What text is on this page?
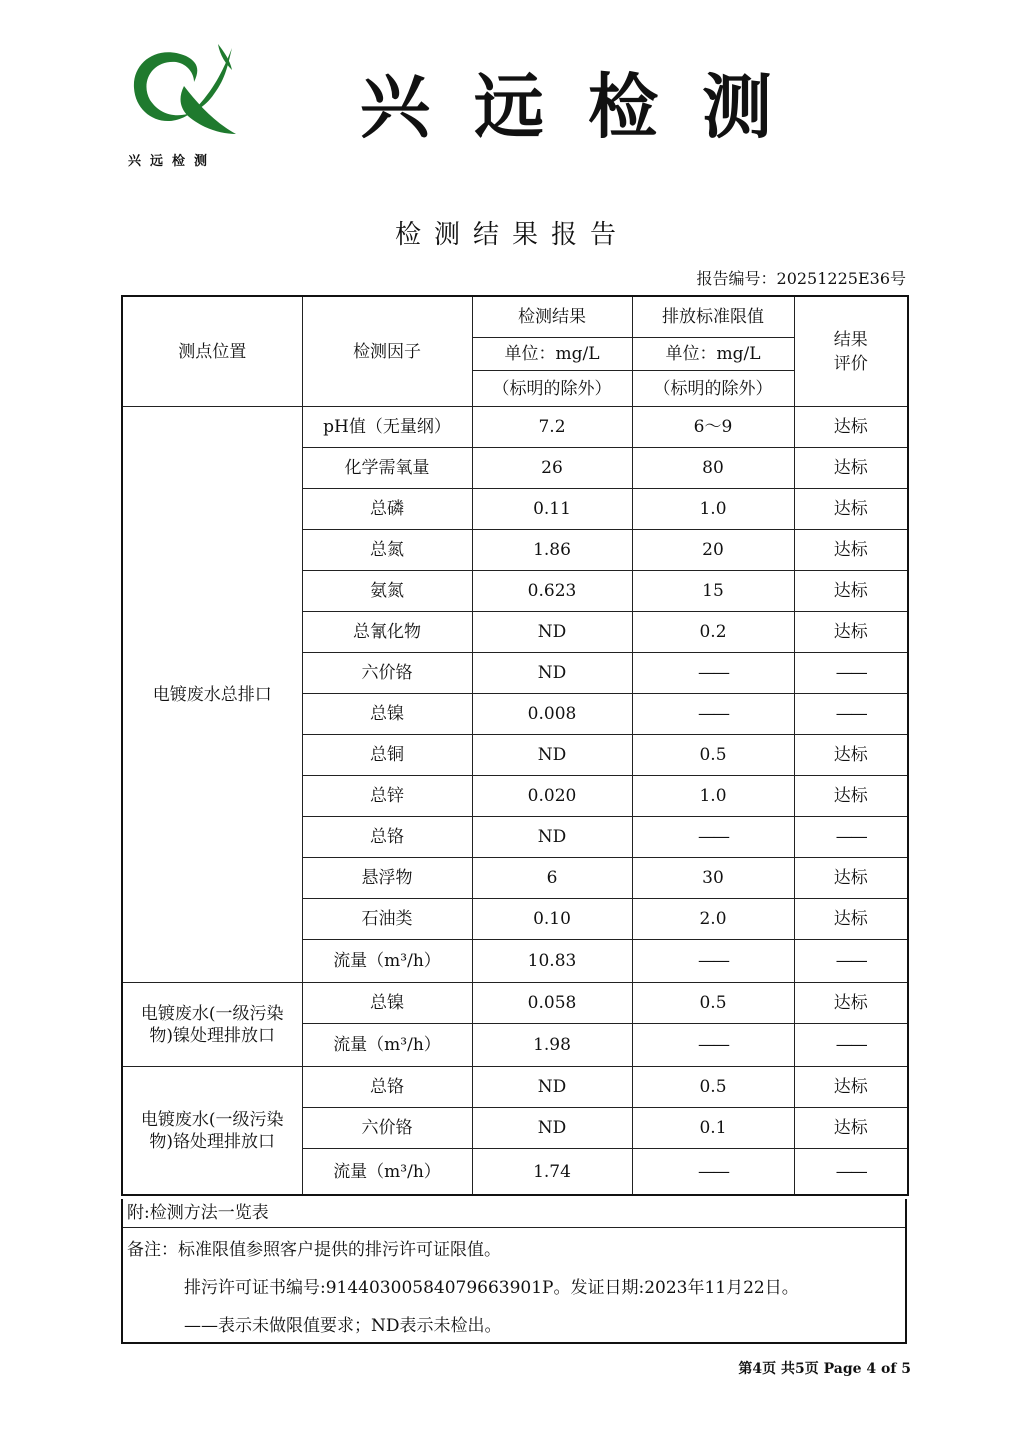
兴远检测
兴远检测
检测结果报告
报告编号：20251225E36号
测点位置	检测因子	检测结果	排放标准限值	结果评价

		单位：mg/L	单位：mg/L	
		（标明的除外）	（标明的除外）	
电镀废水总排口	pH值（无量纲）	7.2	6～9	达标
	化学需氧量	26	80	达标
	总磷	0.11	1.0	达标
	总氮	1.86	20	达标
	氨氮	0.623	15	达标
	总氰化物	ND	0.2	达标
	六价铬	ND	——	——
	总镍	0.008	——	——
	总铜	ND	0.5	达标
	总锌	0.020	1.0	达标
	总铬	ND	——	——
	悬浮物	6	30	达标
	石油类	0.10	2.0	达标
	流量（m³/h）	10.83	——	——

电镀废水(一级污染
物)镍处理排放口	总镍	0.058	0.5	达标
	流量（m³/h）	1.98	——	——

电镀废水(一级污染
物)铬处理排放口	总铬	ND	0.5	达标
	六价铬	ND	0.1	达标
	流量（m³/h）	1.74	——	——
附:检测方法一览表
备注：标准限值参照客户提供的排污许可证限值。
排污许可证书编号:91440300584079663901P。发证日期:2023年11月22日。
——表示未做限值要求；ND表示未检出。
第4页 共5页 Page 4 of 5
